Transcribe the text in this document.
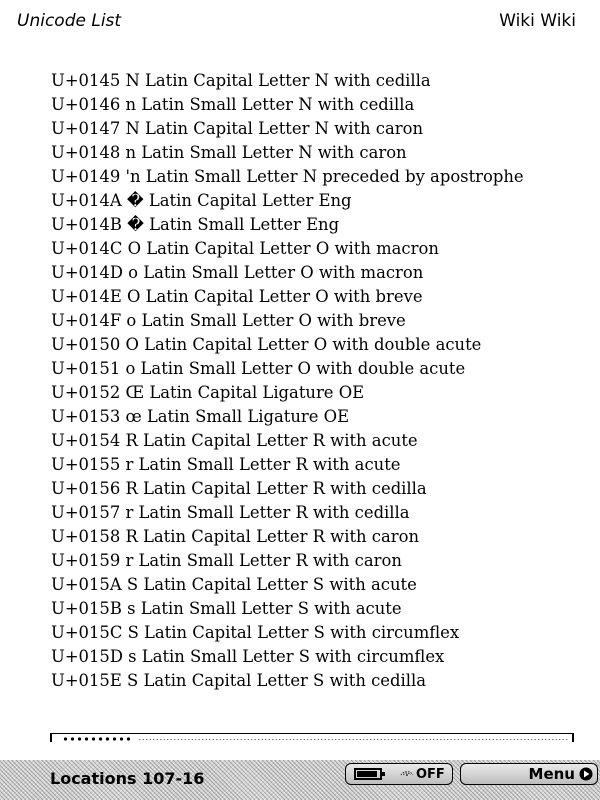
Unicode List	Wiki Wiki
U+0145 N Latin Capital Letter N with cedilla
U+0146 n Latin Small Letter N with cedilla
U+0147 N Latin Capital Letter N with caron
U+0148 n Latin Small Letter N with caron
U+0149 'n Latin Small Letter N preceded by apostrophe
U+014A � Latin Capital Letter Eng
U+014B � Latin Small Letter Eng
U+014C O Latin Capital Letter O with macron
U+014D o Latin Small Letter O with macron
U+014E O Latin Capital Letter O with breve
U+014F o Latin Small Letter O with breve
U+0150 O Latin Capital Letter O with double acute
U+0151 o Latin Small Letter O with double acute
U+0152 Œ Latin Capital Ligature OE
U+0153 œ Latin Small Ligature OE
U+0154 R Latin Capital Letter R with acute
U+0155 r Latin Small Letter R with acute
U+0156 R Latin Capital Letter R with cedilla
U+0157 r Latin Small Letter R with cedilla
U+0158 R Latin Capital Letter R with caron
U+0159 r Latin Small Letter R with caron
U+015A S Latin Capital Letter S with acute
U+015B s Latin Small Letter S with acute
U+015C S Latin Capital Letter S with circumflex
U+015D s Latin Small Letter S with circumflex
U+015E S Latin Capital Letter S with cedilla
Locations 107-16	OFF	Menu
